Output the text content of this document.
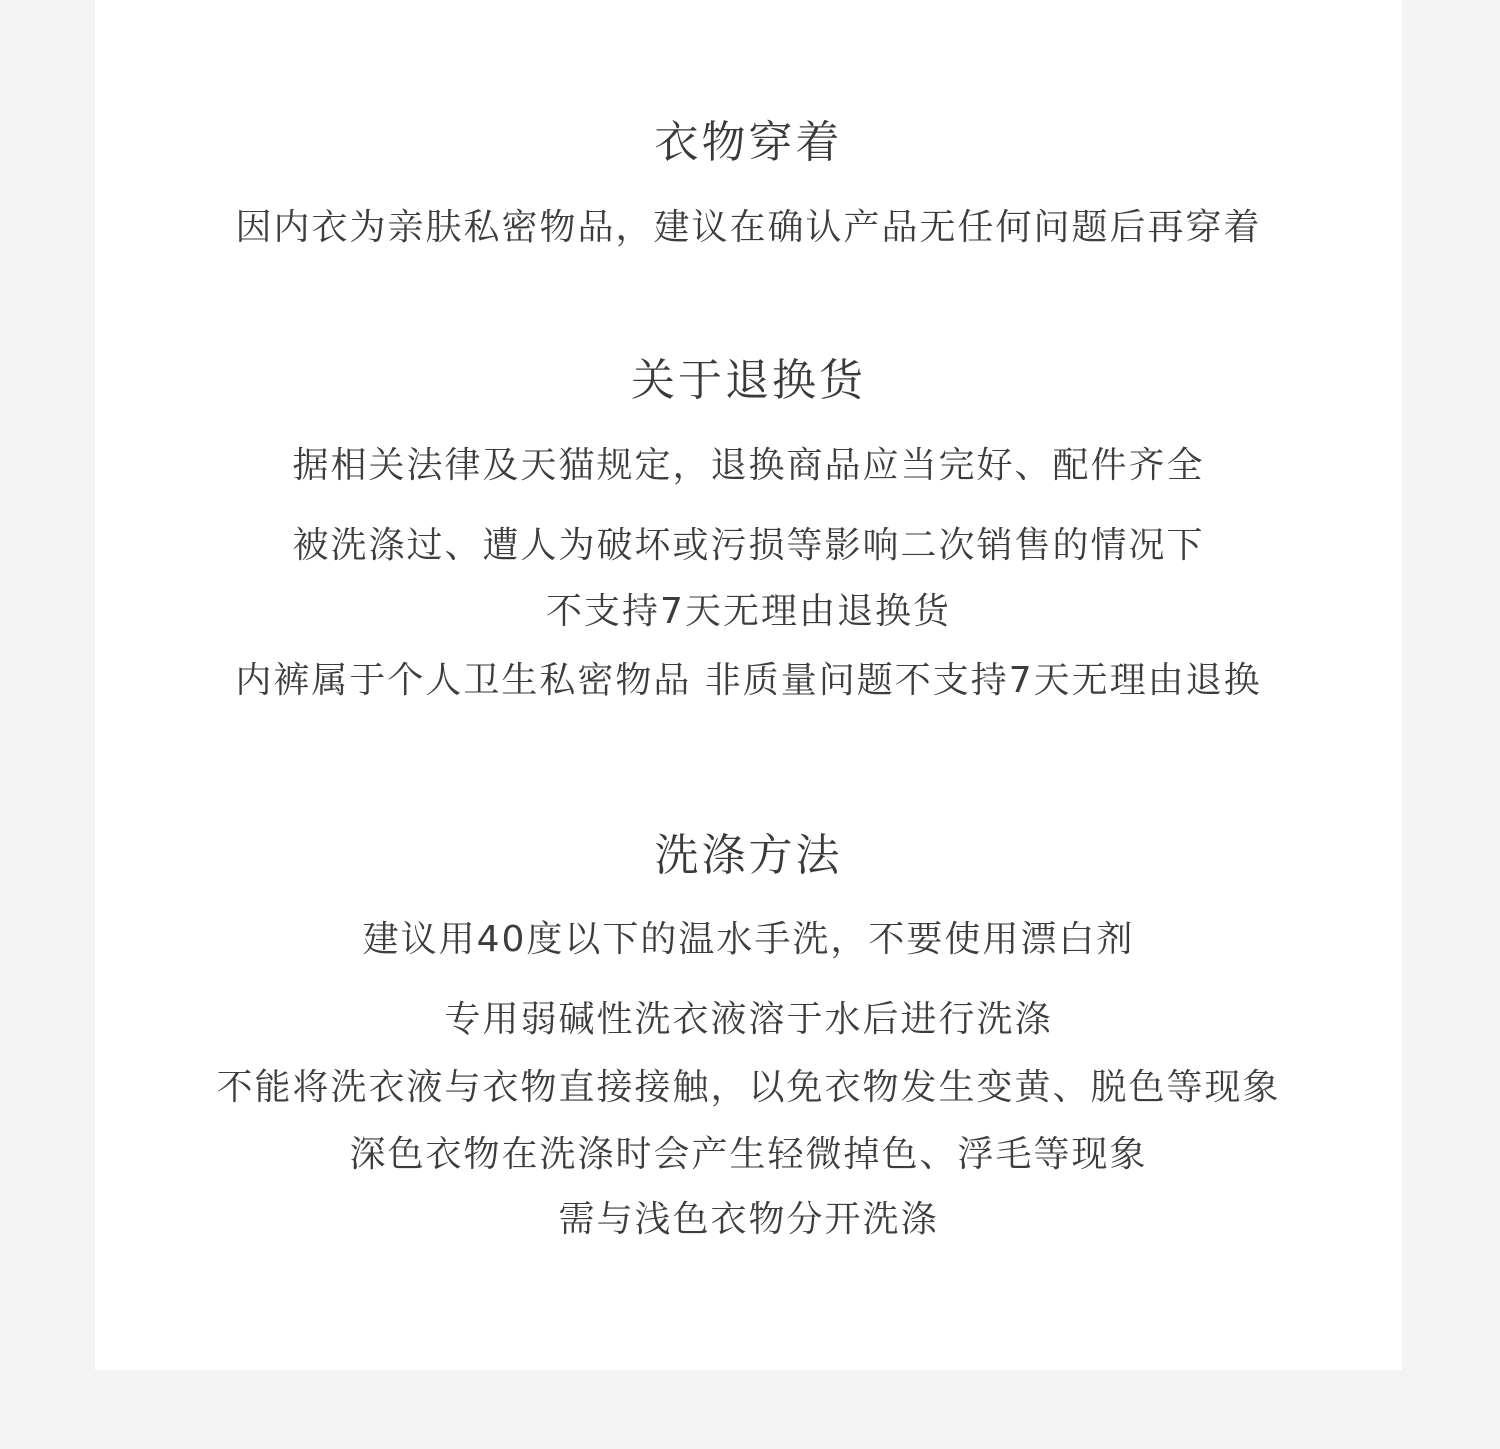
衣物穿着
因内衣为亲肤私密物品，建议在确认产品无任何问题后再穿着
关于退换货
据相关法律及天猫规定，退换商品应当完好、配件齐全
被洗涤过、遭人为破坏或污损等影响二次销售的情况下
不支持7天无理由退换货
内裤属于个人卫生私密物品 非质量问题不支持7天无理由退换
洗涤方法
建议用40度以下的温水手洗，不要使用漂白剂
专用弱碱性洗衣液溶于水后进行洗涤
不能将洗衣液与衣物直接接触，以免衣物发生变黄、脱色等现象
深色衣物在洗涤时会产生轻微掉色、浮毛等现象
需与浅色衣物分开洗涤
